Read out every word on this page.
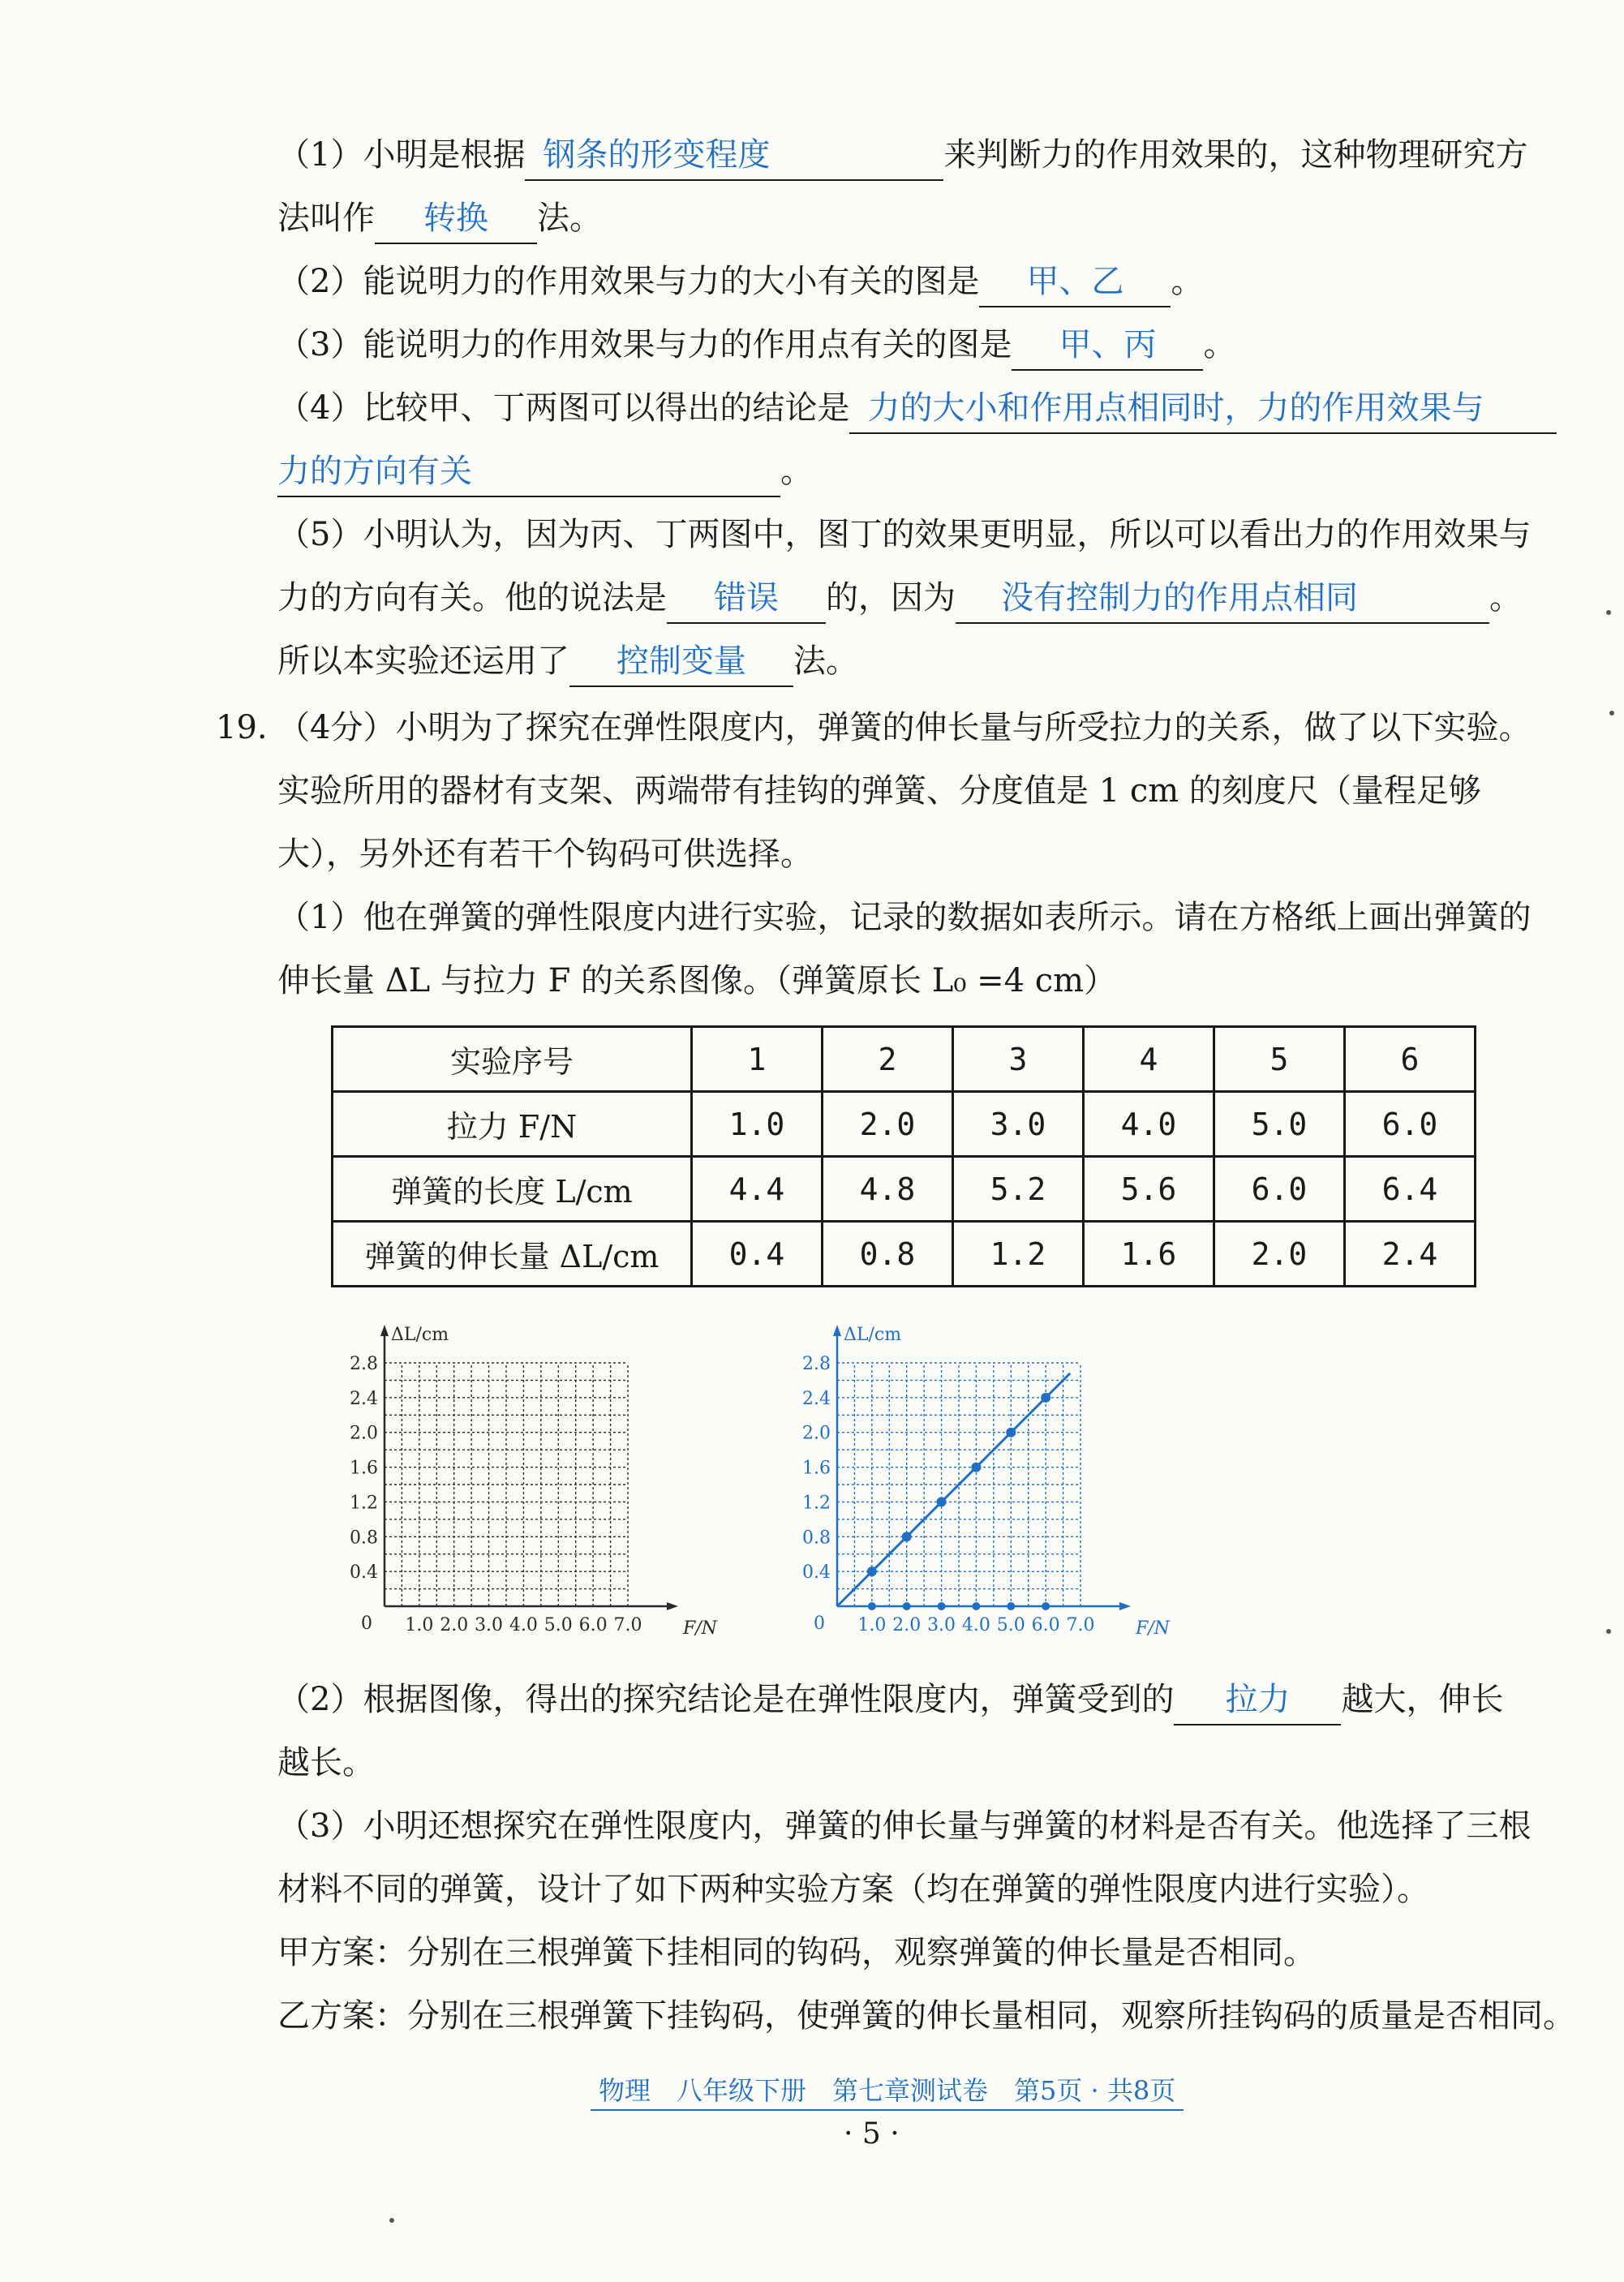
（1）小明是根据 钢条的形变程度	来判断力的作用效果的，这种物理研究方
法叫作 转换 法。
（2）能说明力的作用效果与力的大小有关的图是 甲、乙 。
（3）能说明力的作用效果与力的作用点有关的图是 甲、丙 。
（4）比较甲、丁两图可以得出的结论是 力的大小和作用点相同时，力的作用效果与
力的方向有关	。
（5）小明认为，因为丙、丁两图中，图丁的效果更明显，所以可以看出力的作用效果与
力的方向有关。他的说法是 错误 的，因为 没有控制力的作用点相同	。
所以本实验还运用了 控制变量 法。
19. （4分）小明为了探究在弹性限度内，弹簧的伸长量与所受拉力的关系，做了以下实验。
实验所用的器材有支架、两端带有挂钩的弹簧、分度值是 1 cm 的刻度尺（量程足够
大），另外还有若干个钩码可供选择。
（1）他在弹簧的弹性限度内进行实验，记录的数据如表所示。请在方格纸上画出弹簧的
伸长量 ΔL 与拉力 F 的关系图像。（弹簧原长 L₀ =4 cm）
实验序号	1	2	3	4	5	6
拉力 F/N	1.0	2.0	3.0	4.0	5.0	6.0
弹簧的长度 L/cm	4.4	4.8	5.2	5.6	6.0	6.4
弹簧的伸长量 ΔL/cm	0.4	0.8	1.2	1.6	2.0	2.4
1.0 2.0 3.0 4.0 5.0 6.0 7.0
0.4
0.8
1.2
1.6
2.0
2.4
2.8
0	F/N
ΔL/cm
1.0 2.0 3.0 4.0 5.0 6.0 7.0
0.4
0.8
1.2
1.6
2.0
2.4
2.8
0	F/N
ΔL/cm
（2）根据图像，得出的探究结论是在弹性限度内，弹簧受到的 拉力 越大，伸长
越长。
（3）小明还想探究在弹性限度内，弹簧的伸长量与弹簧的材料是否有关。他选择了三根
材料不同的弹簧，设计了如下两种实验方案（均在弹簧的弹性限度内进行实验）。
甲方案：分别在三根弹簧下挂相同的钩码，观察弹簧的伸长量是否相同。
乙方案：分别在三根弹簧下挂钩码，使弹簧的伸长量相同，观察所挂钩码的质量是否相同。
物理　八年级下册　第七章测试卷　第5页 · 共8页
· 5 ·
